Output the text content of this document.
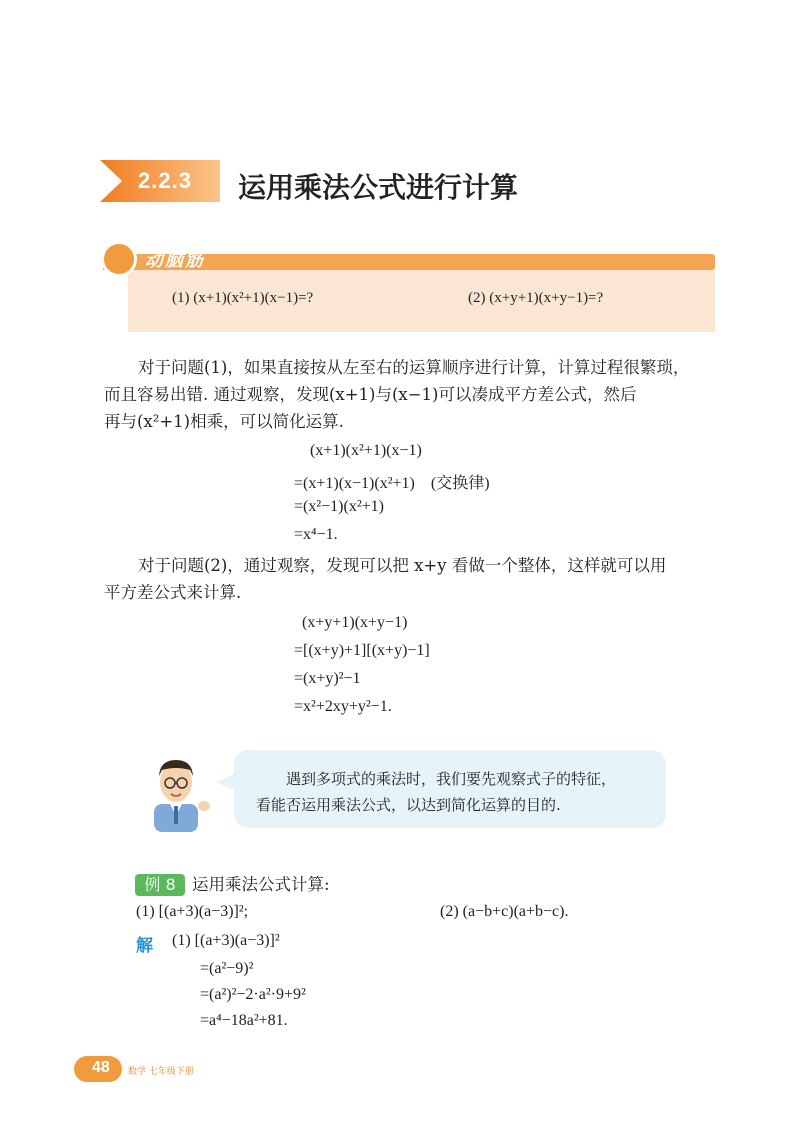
2.2.3 运用乘法公式进行计算
动脑筋
(1) (x+1)(x²+1)(x−1)=?	(2) (x+y+1)(x+y−1)=?
对于问题(1)，如果直接按从左至右的运算顺序进行计算，计算过程很繁琐，
而且容易出错. 通过观察，发现(x+1)与(x−1)可以凑成平方差公式，然后
再与(x²+1)相乘，可以简化运算.
(x+1)(x²+1)(x−1)
=(x+1)(x−1)(x²+1)    (交换律)
=(x²−1)(x²+1)
=x⁴−1.
对于问题(2)，通过观察，发现可以把 x+y 看做一个整体，这样就可以用
平方差公式来计算.
(x+y+1)(x+y−1)
=[(x+y)+1][(x+y)−1]
=(x+y)²−1
=x²+2xy+y²−1.
遇到多项式的乘法时，我们要先观察式子的特征，
看能否运用乘法公式，以达到简化运算的目的.
例 8 运用乘法公式计算:
(1) [(a+3)(a−3)]²;	(2) (a−b+c)(a+b−c).
解 (1) [(a+3)(a−3)]²
=(a²−9)²
=(a²)²−2·a²·9+9²
=a⁴−18a²+81.
48 数学 七年级下册
